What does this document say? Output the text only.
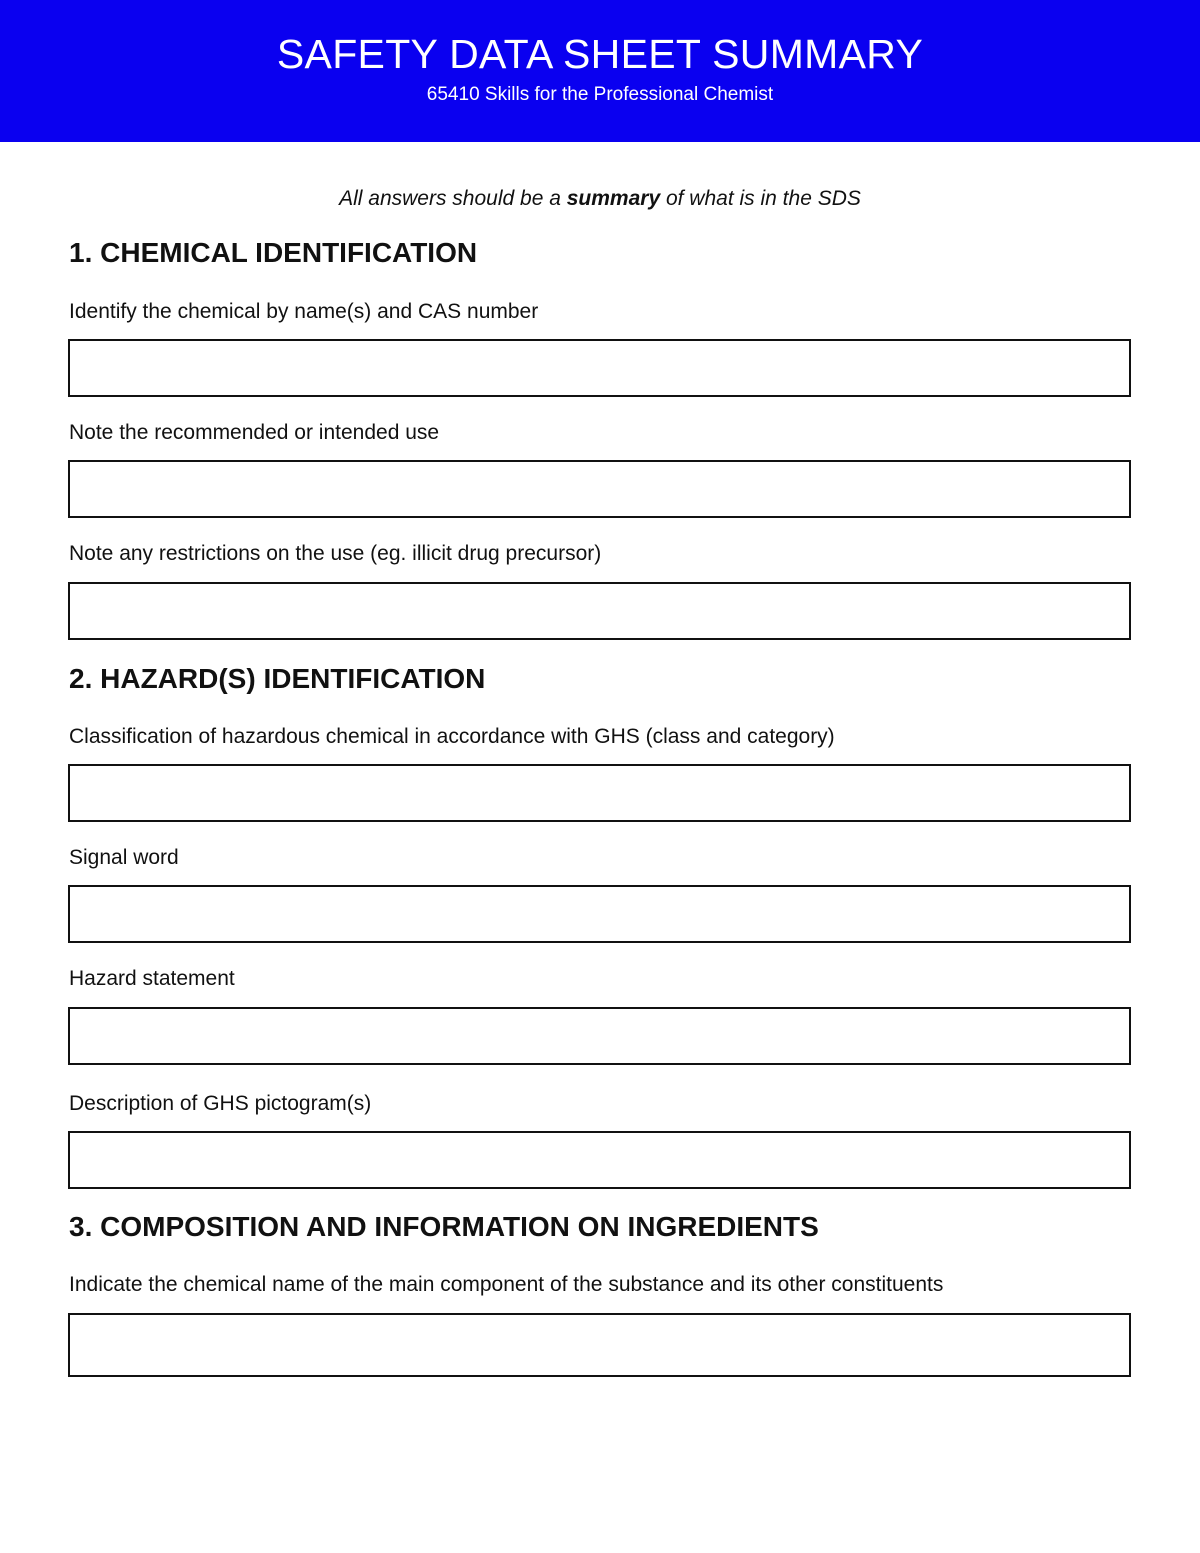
SAFETY DATA SHEET SUMMARY
65410 Skills for the Professional Chemist
All answers should be a summary of what is in the SDS
1. CHEMICAL IDENTIFICATION
Identify the chemical by name(s) and CAS number
Note the recommended or intended use
Note any restrictions on the use (eg. illicit drug precursor)
2. HAZARD(S) IDENTIFICATION
Classification of hazardous chemical in accordance with GHS (class and category)
Signal word
Hazard statement
Description of GHS pictogram(s)
3. COMPOSITION AND INFORMATION ON INGREDIENTS
Indicate the chemical name of the main component of the substance and its other constituents
